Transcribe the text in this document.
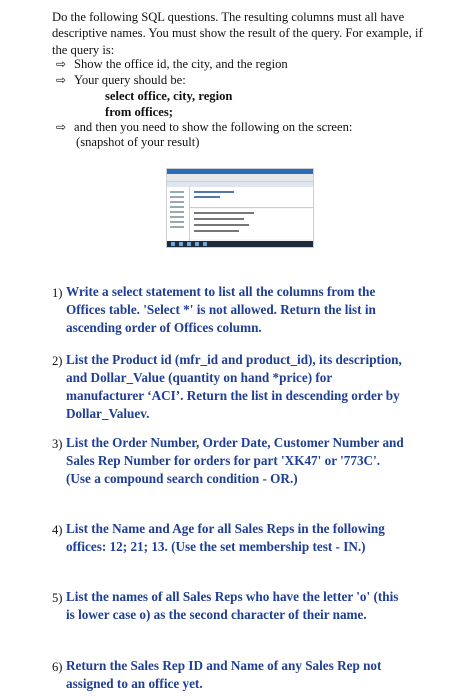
Do the following SQL questions. The resulting columns must all have descriptive names. You must show the result of the query. For example, if the query is:

⇨ Show the office id, the city, and the region
⇨ Your query should be:
select office, city, region
from offices;
⇨ and then you need to show the following on the screen:
(snapshot of your result)
1) Write a select statement to list all the columns from the Offices table. 'Select *' is not allowed. Return the list in ascending order of Offices column.
2) List the Product id (mfr_id and product_id), its description, and Dollar_Value (quantity on hand *price) for manufacturer ‘ACI’. Return the list in descending order by Dollar_Valuev.
3) List the Order Number, Order Date, Customer Number and Sales Rep Number for orders for part 'XK47' or '773C'. (Use a compound search condition - OR.)
4) List the Name and Age for all Sales Reps in the following offices: 12; 21; 13. (Use the set membership test - IN.)
5) List the names of all Sales Reps who have the letter 'o' (this is lower case o) as the second character of their name.
6) Return the Sales Rep ID and Name of any Sales Rep not assigned to an office yet.
